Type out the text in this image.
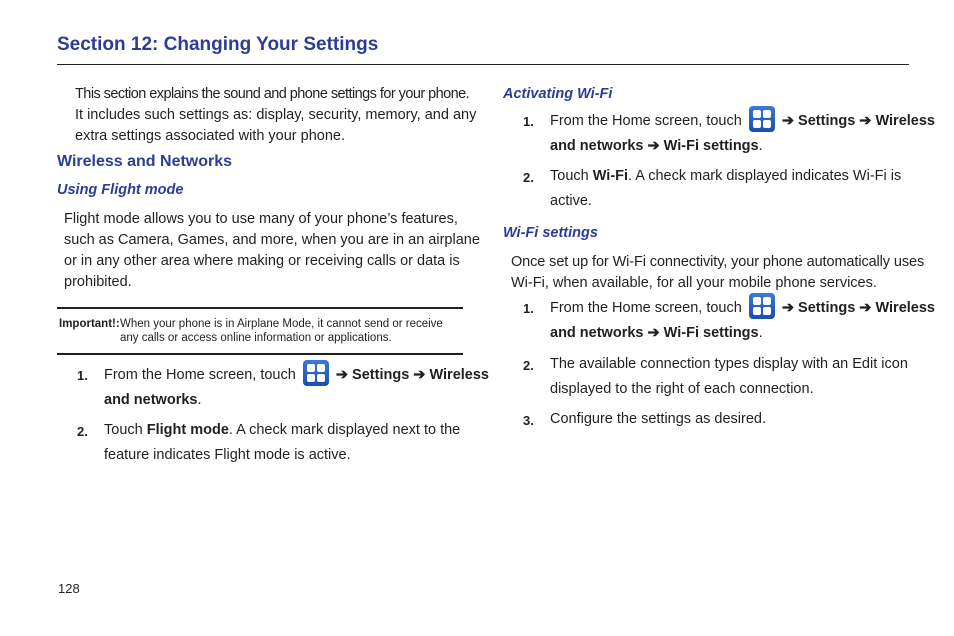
Section 12: Changing Your Settings
This section explains the sound and phone settings for your phone.
It includes such settings as: display, security, memory, and any
extra settings associated with your phone.
Wireless and Networks
Using Flight mode
Flight mode allows you to use many of your phone’s features,
such as Camera, Games, and more, when you are in an airplane
or in any other area where making or receiving calls or data is
prohibited.
Important!: When your phone is in Airplane Mode, it cannot send or receive
any calls or access online information or applications.
1. From the Home screen, touch	➔ Settings ➔ Wireless
and networks.
2. Touch Flight mode. A check mark displayed next to the
feature indicates Flight mode is active.
Activating Wi-Fi
1. From the Home screen, touch	➔ Settings ➔ Wireless
and networks ➔ Wi-Fi settings.
2. Touch Wi-Fi. A check mark displayed indicates Wi-Fi is
active.
Wi-Fi settings
Once set up for Wi-Fi connectivity, your phone automatically uses
Wi-Fi, when available, for all your mobile phone services.
1. From the Home screen, touch	➔ Settings ➔ Wireless
and networks ➔ Wi-Fi settings.
2. The available connection types display with an Edit icon
displayed to the right of each connection.
3. Configure the settings as desired.
128
